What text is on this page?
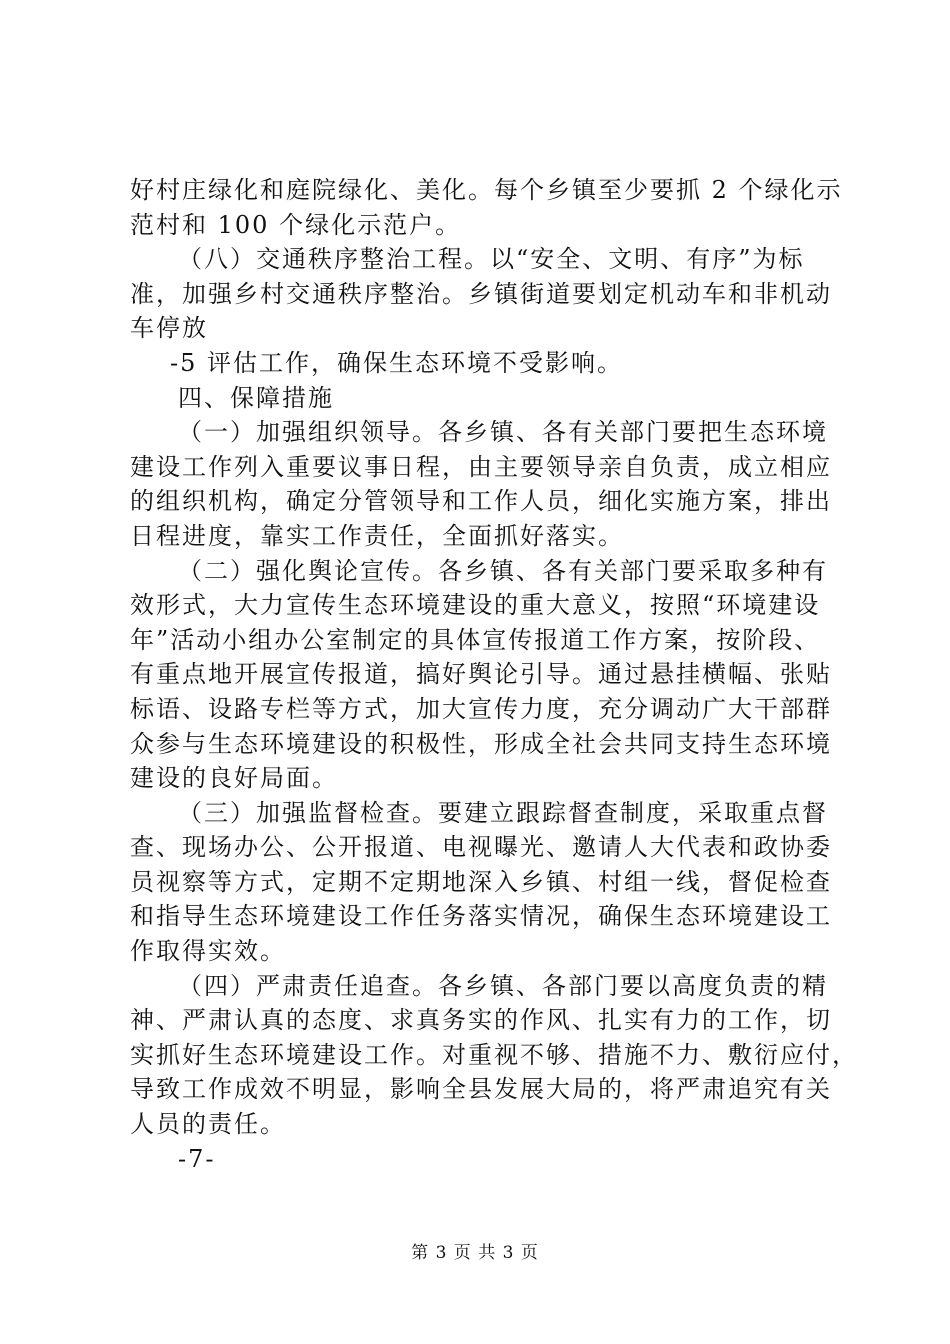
好村庄绿化和庭院绿化、美化。每个乡镇至少要抓 2 个绿化示
范村和 100 个绿化示范户。
（八）交通秩序整治工程。以“安全、文明、有序”为标
准，加强乡村交通秩序整治。乡镇街道要划定机动车和非机动
车停放
-5 评估工作，确保生态环境不受影响。
四、保障措施
（一）加强组织领导。各乡镇、各有关部门要把生态环境
建设工作列入重要议事日程，由主要领导亲自负责，成立相应
的组织机构，确定分管领导和工作人员，细化实施方案，排出
日程进度，靠实工作责任，全面抓好落实。
（二）强化舆论宣传。各乡镇、各有关部门要采取多种有
效形式，大力宣传生态环境建设的重大意义，按照“环境建设
年”活动小组办公室制定的具体宣传报道工作方案，按阶段、
有重点地开展宣传报道，搞好舆论引导。通过悬挂横幅、张贴
标语、设路专栏等方式，加大宣传力度，充分调动广大干部群
众参与生态环境建设的积极性，形成全社会共同支持生态环境
建设的良好局面。
（三）加强监督检查。要建立跟踪督查制度，采取重点督
查、现场办公、公开报道、电视曝光、邀请人大代表和政协委
员视察等方式，定期不定期地深入乡镇、村组一线，督促检查
和指导生态环境建设工作任务落实情况，确保生态环境建设工
作取得实效。
（四）严肃责任追查。各乡镇、各部门要以高度负责的精
神、严肃认真的态度、求真务实的作风、扎实有力的工作，切
实抓好生态环境建设工作。对重视不够、措施不力、敷衍应付，
导致工作成效不明显，影响全县发展大局的，将严肃追究有关
人员的责任。
-7-
第 3 页 共 3 页
